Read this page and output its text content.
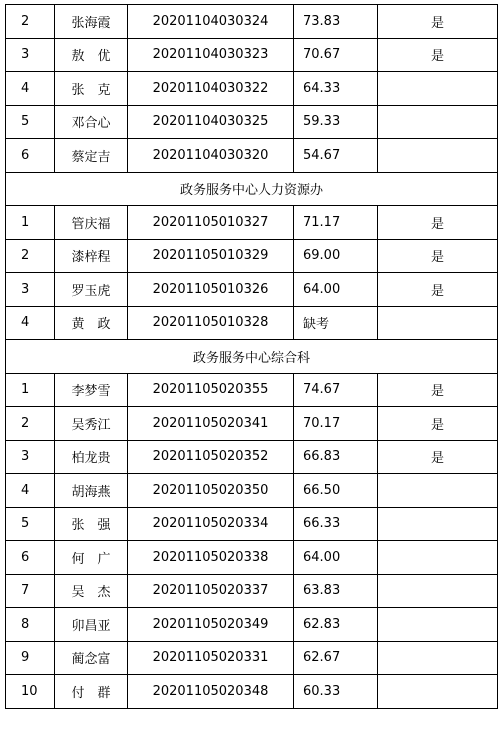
2	张海霞	20201104030324	73.83	是
3	敖　优	20201104030323	70.67	是
4	张　克	20201104030322	64.33	
5	邓合心	20201104030325	59.33	
6	蔡定吉	20201104030320	54.67	
政务服务中心人力资源办				
1	管庆福	20201105010327	71.17	是
2	漆梓程	20201105010329	69.00	是
3	罗玉虎	20201105010326	64.00	是
4	黄　政	20201105010328	缺考	
政务服务中心综合科				
1	李梦雪	20201105020355	74.67	是
2	吴秀江	20201105020341	70.17	是
3	柏龙贵	20201105020352	66.83	是
4	胡海燕	20201105020350	66.50	
5	张　强	20201105020334	66.33	
6	何　广	20201105020338	64.00	
7	吴　杰	20201105020337	63.83	
8	卯昌亚	20201105020349	62.83	
9	蔺念富	20201105020331	62.67	
10	付　群	20201105020348	60.33	
